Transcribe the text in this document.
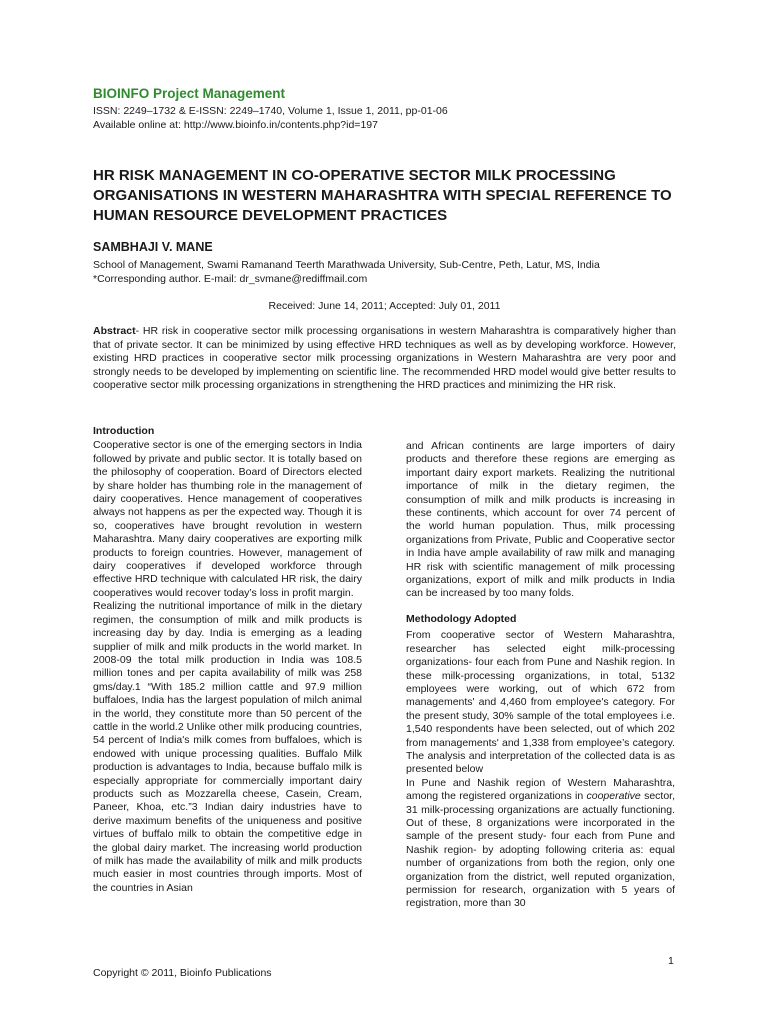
BIOINFO Project Management
ISSN: 2249–1732 & E-ISSN: 2249–1740, Volume 1, Issue 1, 2011, pp-01-06
Available online at: http://www.bioinfo.in/contents.php?id=197
HR RISK MANAGEMENT IN CO-OPERATIVE SECTOR MILK PROCESSING
ORGANISATIONS IN WESTERN MAHARASHTRA WITH SPECIAL REFERENCE TO
HUMAN RESOURCE DEVELOPMENT PRACTICES
SAMBHAJI V. MANE
School of Management, Swami Ramanand Teerth Marathwada University, Sub-Centre, Peth, Latur, MS, India
*Corresponding author. E-mail: dr_svmane@rediffmail.com
Received: June 14, 2011; Accepted: July 01, 2011

Abstract- HR risk in cooperative sector milk processing organisations in western Maharashtra is comparatively higher than that of private sector. It can be minimized by using effective HRD techniques as well as by developing workforce. However, existing HRD practices in cooperative sector milk processing organizations in Western Maharashtra are very poor and strongly needs to be developed by implementing on scientific line. The recommended HRD model would give better results to cooperative sector milk processing organizations in strengthening the HRD practices and minimizing the HR risk.

Introduction

Cooperative sector is one of the emerging sectors in India followed by private and public sector. It is totally based on the philosophy of cooperation. Board of Directors elected by share holder has thumbing role in the management of dairy cooperatives. Hence management of cooperatives always not happens as per the expected way. Though it is so, cooperatives have brought revolution in western Maharashtra. Many dairy cooperatives are exporting milk products to foreign countries. However, management of dairy cooperatives if developed workforce through effective HRD technique with calculated HR risk, the dairy cooperatives would recover today’s loss in profit margin.

Realizing the nutritional importance of milk in the dietary regimen, the consumption of milk and milk products is increasing day by day. India is emerging as a leading supplier of milk and milk products in the world market. In 2008-09 the total milk production in India was 108.5 million tones and per capita availability of milk was 258 gms/day.1 “With 185.2 million cattle and 97.9 million buffaloes, India has the largest population of milch animal in the world, they constitute more than 50 percent of the cattle in the world.2 Unlike other milk producing countries, 54 percent of India's milk comes from buffaloes, which is endowed with unique processing qualities. Buffalo Milk production is advantages to India, because buffalo milk is especially appropriate for commercially important dairy products such as Mozzarella cheese, Casein, Cream, Paneer, Khoa, etc.”3 Indian dairy industries have to derive maximum benefits of the uniqueness and positive virtues of buffalo milk to obtain the competitive edge in the global dairy market. The increasing world production of milk has made the availability of milk and milk products much easier in most countries through imports. Most of the countries in Asian

and African continents are large importers of dairy products and therefore these regions are emerging as important dairy export markets. Realizing the nutritional importance of milk in the dietary regimen, the consumption of milk and milk products is increasing in these continents, which account for over 74 percent of the world human population. Thus, milk processing organizations from Private, Public and Cooperative sector in India have ample availability of raw milk and managing HR risk with scientific management of milk processing organizations, export of milk and milk products in India can be increased by too many folds.

Methodology Adopted

From cooperative sector of Western Maharashtra, researcher has selected eight milk-processing organizations- four each from Pune and Nashik region. In these milk-processing organizations, in total, 5132 employees were working, out of which 672 from managements' and 4,460 from employee's category. For the present study, 30% sample of the total employees i.e. 1,540 respondents have been selected, out of which 202 from managements' and 1,338 from employee’s category. The analysis and interpretation of the collected data is as presented below

In Pune and Nashik region of Western Maharashtra, among the registered organizations in cooperative sector, 31 milk-processing organizations are actually functioning. Out of these, 8 organizations were incorporated in the sample of the present study- four each from Pune and Nashik region- by adopting following criteria as: equal number of organizations from both the region, only one organization from the district, well reputed organization, permission for research, organization with 5 years of registration, more than 30

1
Copyright © 2011, Bioinfo Publications
